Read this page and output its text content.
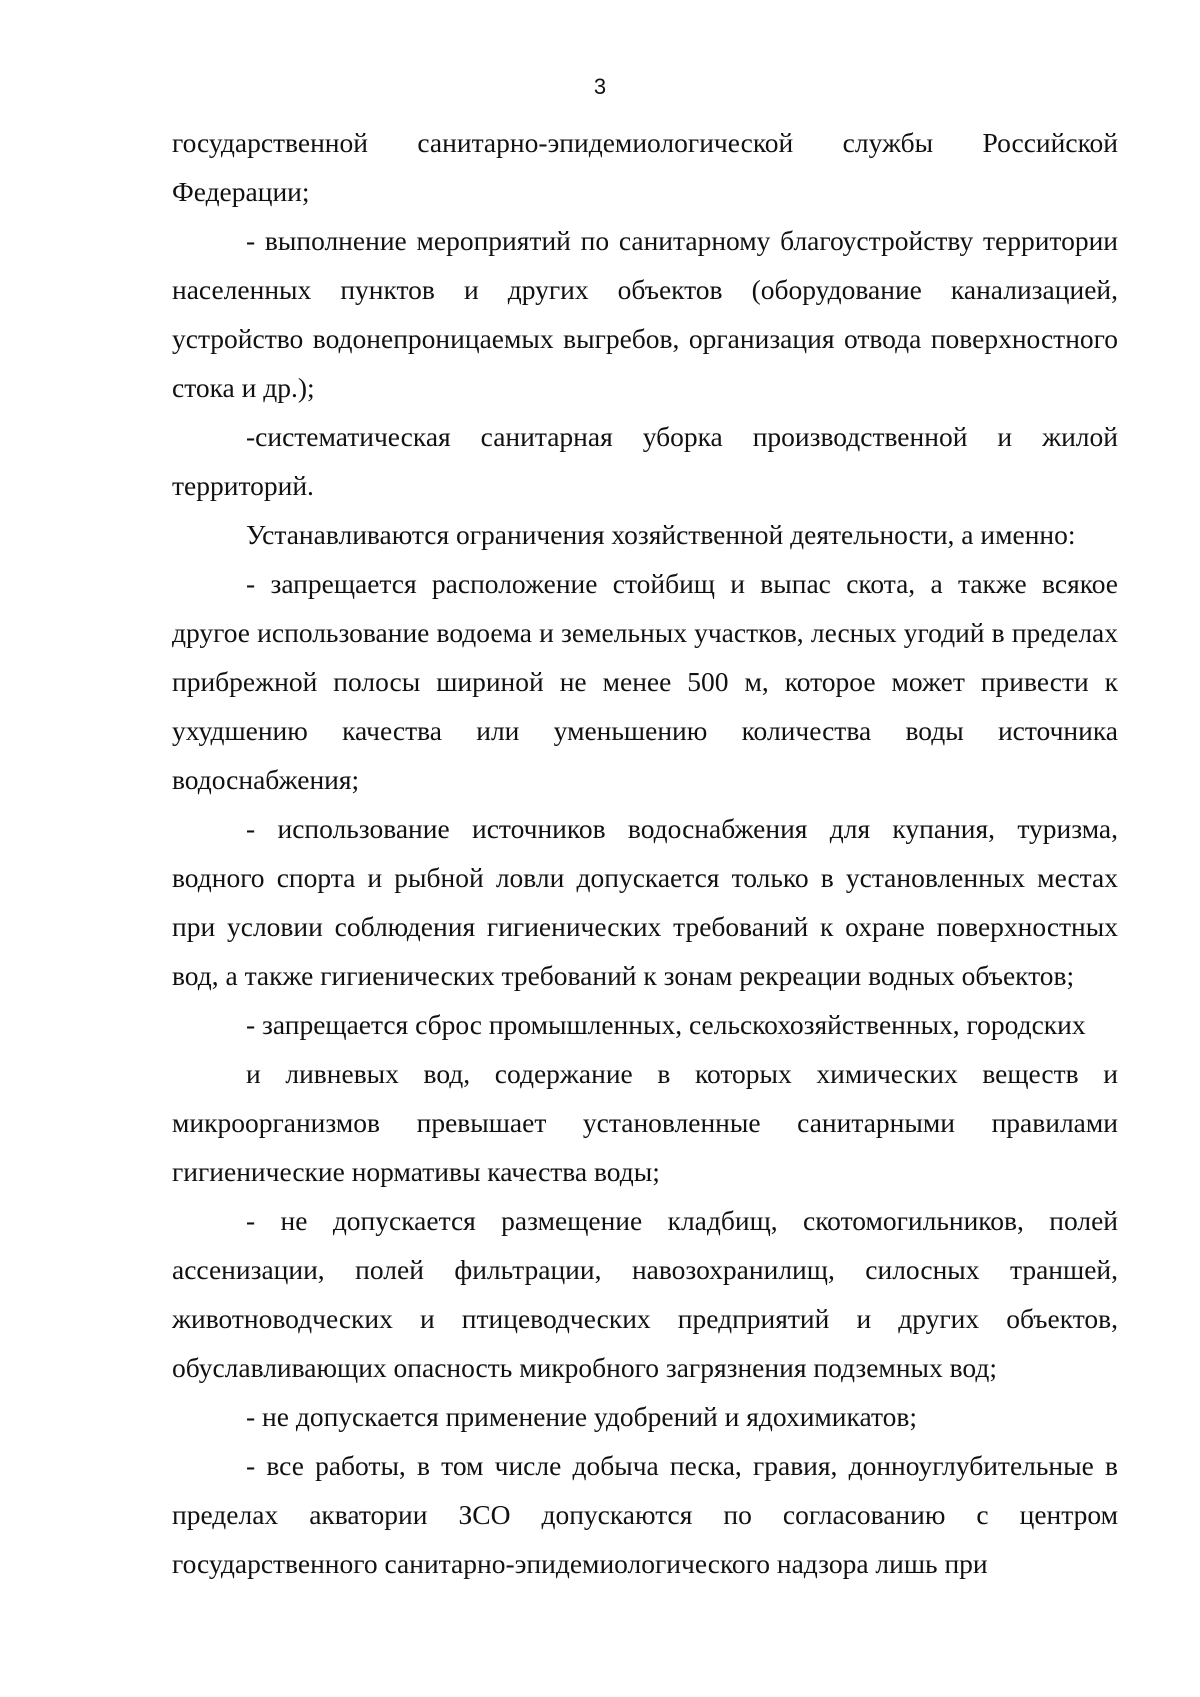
3

государственной санитарно-эпидемиологической службы Российской Федерации;

- выполнение мероприятий по санитарному благоустройству территории населенных пунктов и других объектов (оборудование канализацией, устройство водонепроницаемых выгребов, организация отвода поверхностного стока и др.);

-систематическая санитарная уборка производственной и жилой территорий.

Устанавливаются ограничения хозяйственной деятельности, а именно:

- запрещается расположение стойбищ и выпас скота, а также всякое другое использование водоема и земельных участков, лесных угодий в пределах прибрежной полосы шириной не менее 500 м, которое может привести к ухудшению качества или уменьшению количества воды источника водоснабжения;

- использование источников водоснабжения для купания, туризма, водного спорта и рыбной ловли допускается только в установленных местах при условии соблюдения гигиенических требований к охране поверхностных вод, а также гигиенических требований к зонам рекреации водных объектов;

- запрещается сброс промышленных, сельскохозяйственных, городских

и ливневых вод, содержание в которых химических веществ и микроорганизмов превышает установленные санитарными правилами гигиенические нормативы качества воды;

- не допускается размещение кладбищ, скотомогильников, полей ассенизации, полей фильтрации, навозохранилищ, силосных траншей, животноводческих и птицеводческих предприятий и других объектов, обуславливающих опасность микробного загрязнения подземных вод;

- не допускается применение удобрений и ядохимикатов;

- все работы, в том числе добыча песка, гравия, донноуглубительные в пределах акватории ЗСО допускаются по согласованию с центром государственного санитарно-эпидемиологического надзора лишь при
